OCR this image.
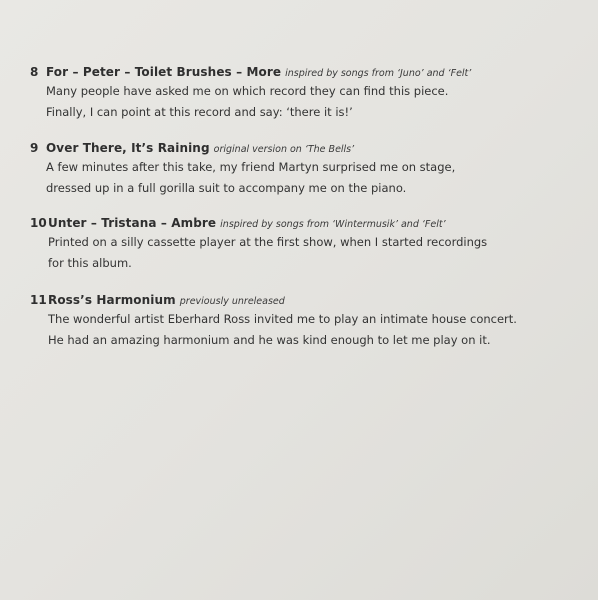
8 For – Peter – Toilet Brushes – More inspired by songs from ‘Juno’ and ‘Felt’
Many people have asked me on which record they can find this piece.
Finally, I can point at this record and say: ‘there it is!’
9 Over There, It’s Raining original version on ‘The Bells’
A few minutes after this take, my friend Martyn surprised me on stage,
dressed up in a full gorilla suit to accompany me on the piano.
10Unter – Tristana – Ambre inspired by songs from ‘Wintermusik’ and ‘Felt’
Printed on a silly cassette player at the first show, when I started recordings
for this album.
11Ross’s Harmonium previously unreleased
The wonderful artist Eberhard Ross invited me to play an intimate house concert.
He had an amazing harmonium and he was kind enough to let me play on it.
